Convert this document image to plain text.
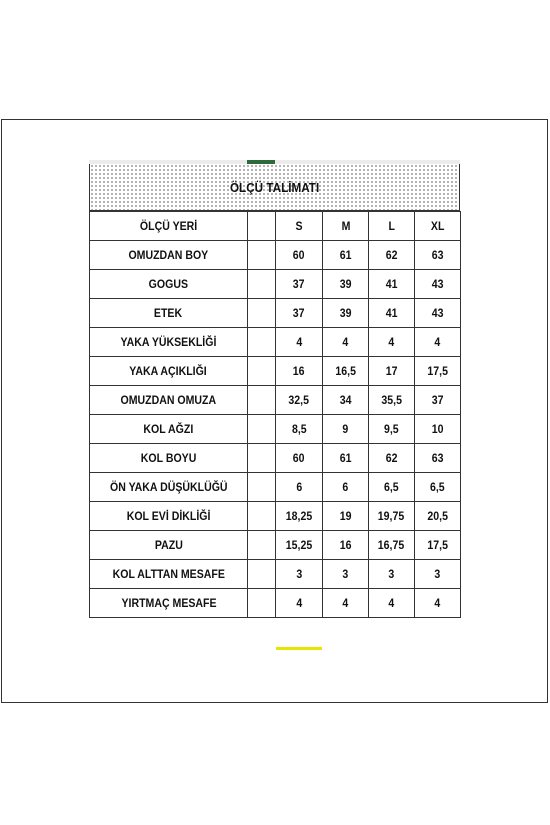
ÖLÇÜ TALİMATI
ÖLÇÜ YERİ		S	M	L	XL
OMUZDAN BOY		60	61	62	63
GOGUS		37	39	41	43
ETEK		37	39	41	43
YAKA YÜKSEKLİĞİ		4	4	4	4
YAKA AÇIKLIĞI		16	16,5	17	17,5
OMUZDAN OMUZA		32,5	34	35,5	37
KOL AĞZI		8,5	9	9,5	10
KOL BOYU		60	61	62	63
ÖN YAKA DÜŞÜKLÜĞÜ		6	6	6,5	6,5
KOL EVİ DİKLİĞİ		18,25	19	19,75	20,5
PAZU		15,25	16	16,75	17,5
KOL ALTTAN MESAFE		3	3	3	3
YIRTMAÇ MESAFE		4	4	4	4
